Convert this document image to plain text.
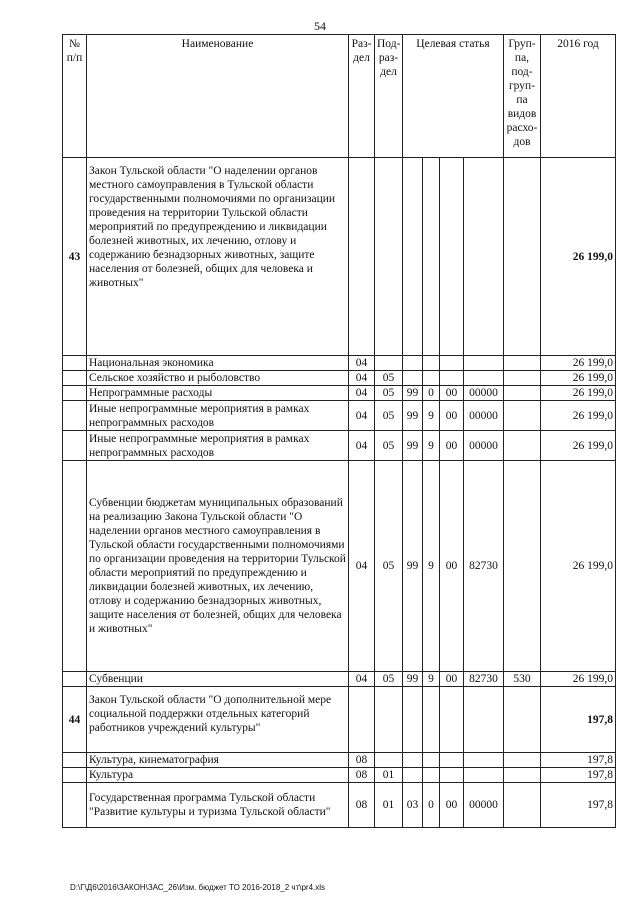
54
№ п/п	Наименование	Раз-дел	Под-раз-дел	Целевая статья				Груп-па, под-груп-па видов расхо-дов	2016 год
43	Закон Тульской области "О наделении органов местного самоуправления в Тульской области государственными полномочиями по организации проведения на территории Тульской области мероприятий по предупреждению и ликвидации болезней животных, их лечению, отлову и содержанию безнадзорных животных, защите населения от болезней, общих для человека и животных"								26 199,0
	Национальная экономика	04							26 199,0
	Сельское хозяйство и рыболовство	04	05						26 199,0
	Непрограммные расходы	04	05	99	0	00	00000		26 199,0
	Иные непрограммные мероприятия в рамках непрограммных расходов	04	05	99	9	00	00000		26 199,0
	Иные непрограммные мероприятия в рамках непрограммных расходов	04	05	99	9	00	00000		26 199,0
	Субвенции бюджетам муниципальных образований на реализацию Закона Тульской области "О наделении органов местного самоуправления в Тульской области государственными полномочиями по организации проведения на территории Тульской области мероприятий по предупреждению и ликвидации болезней животных, их лечению, отлову и содержанию безнадзорных животных, защите населения от болезней, общих для человека и животных"	04	05	99	9	00	82730		26 199,0
	Субвенции	04	05	99	9	00	82730	530	26 199,0
44	Закон Тульской области "О дополнительной мере социальной поддержки отдельных категорий работников учреждений культуры"								197,8
	Культура, кинематография	08							197,8
	Культура	08	01						197,8
	Государственная программа Тульской области "Развитие культуры и туризма Тульской области"	08	01	03	0	00	00000		197,8
D:\Г\Д6\2016\ЗАКОН\ЗАС_26\Изм. бюджет ТО 2016-2018_2 чт\pr4.xls
